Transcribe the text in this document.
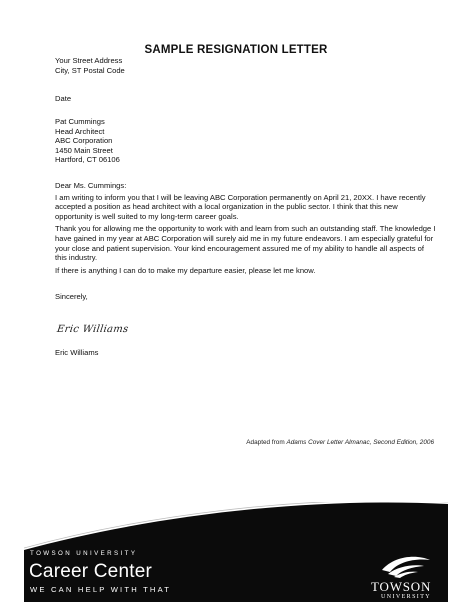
SAMPLE RESIGNATION LETTER
Your Street Address
City, ST Postal Code
Date
Pat Cummings
Head Architect
ABC Corporation
1450 Main Street
Hartford, CT 06106
Dear Ms. Cummings:
I am writing to inform you that I will be leaving ABC Corporation permanently on April 21, 20XX. I have recently accepted a position as head architect with a local organization in the public sector. I think that this new opportunity is well suited to my long-term career goals.
Thank you for allowing me the opportunity to work with and learn from such an outstanding staff. The knowledge I have gained in my year at ABC Corporation will surely aid me in my future endeavors. I am especially grateful for your close and patient supervision. Your kind encouragement assured me of my ability to handle all aspects of this industry.
If there is anything I can do to make my departure easier, please let me know.
Sincerely,
Eric Williams
Eric Williams
Adapted from Adams Cover Letter Almanac, Second Edition, 2006
TOWSON UNIVERSITY
Career Center
WE CAN HELP WITH THAT
7800 York Road, Suite 206 • 410-704-2233 • www.towson.edu/careercenter
TOWSON
UNIVERSITY
